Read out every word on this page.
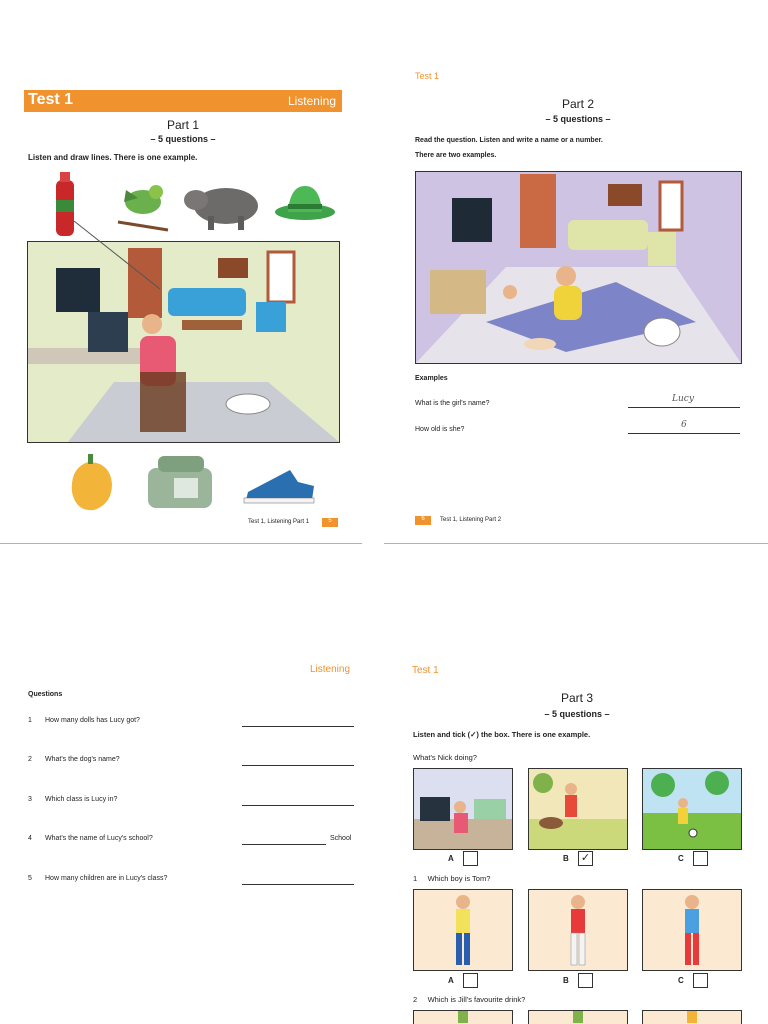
Test 1	Listening
Part 1
– 5 questions –
Listen and draw lines. There is one example.
Test 1, Listening Part 1	5
Test 1
Part 2
– 5 questions –
Read the question. Listen and write a name or a number.
There are two examples.
Examples
What is the girl's name?	Lucy
How old is she?	6
6	Test 1, Listening Part 2
Listening
Questions
1 How many dolls has Lucy got?
2 What's the dog's name?
3 Which class is Lucy in?
4 What's the name of Lucy's school?	School
5 How many children are in Lucy's class?
Test 1
Part 3
– 5 questions –
Listen and tick (✓) the box. There is one example.
What's Nick doing?
A	B ✓	C
1     Which boy is Tom?
A	B	C
2     Which is Jill's favourite drink?
